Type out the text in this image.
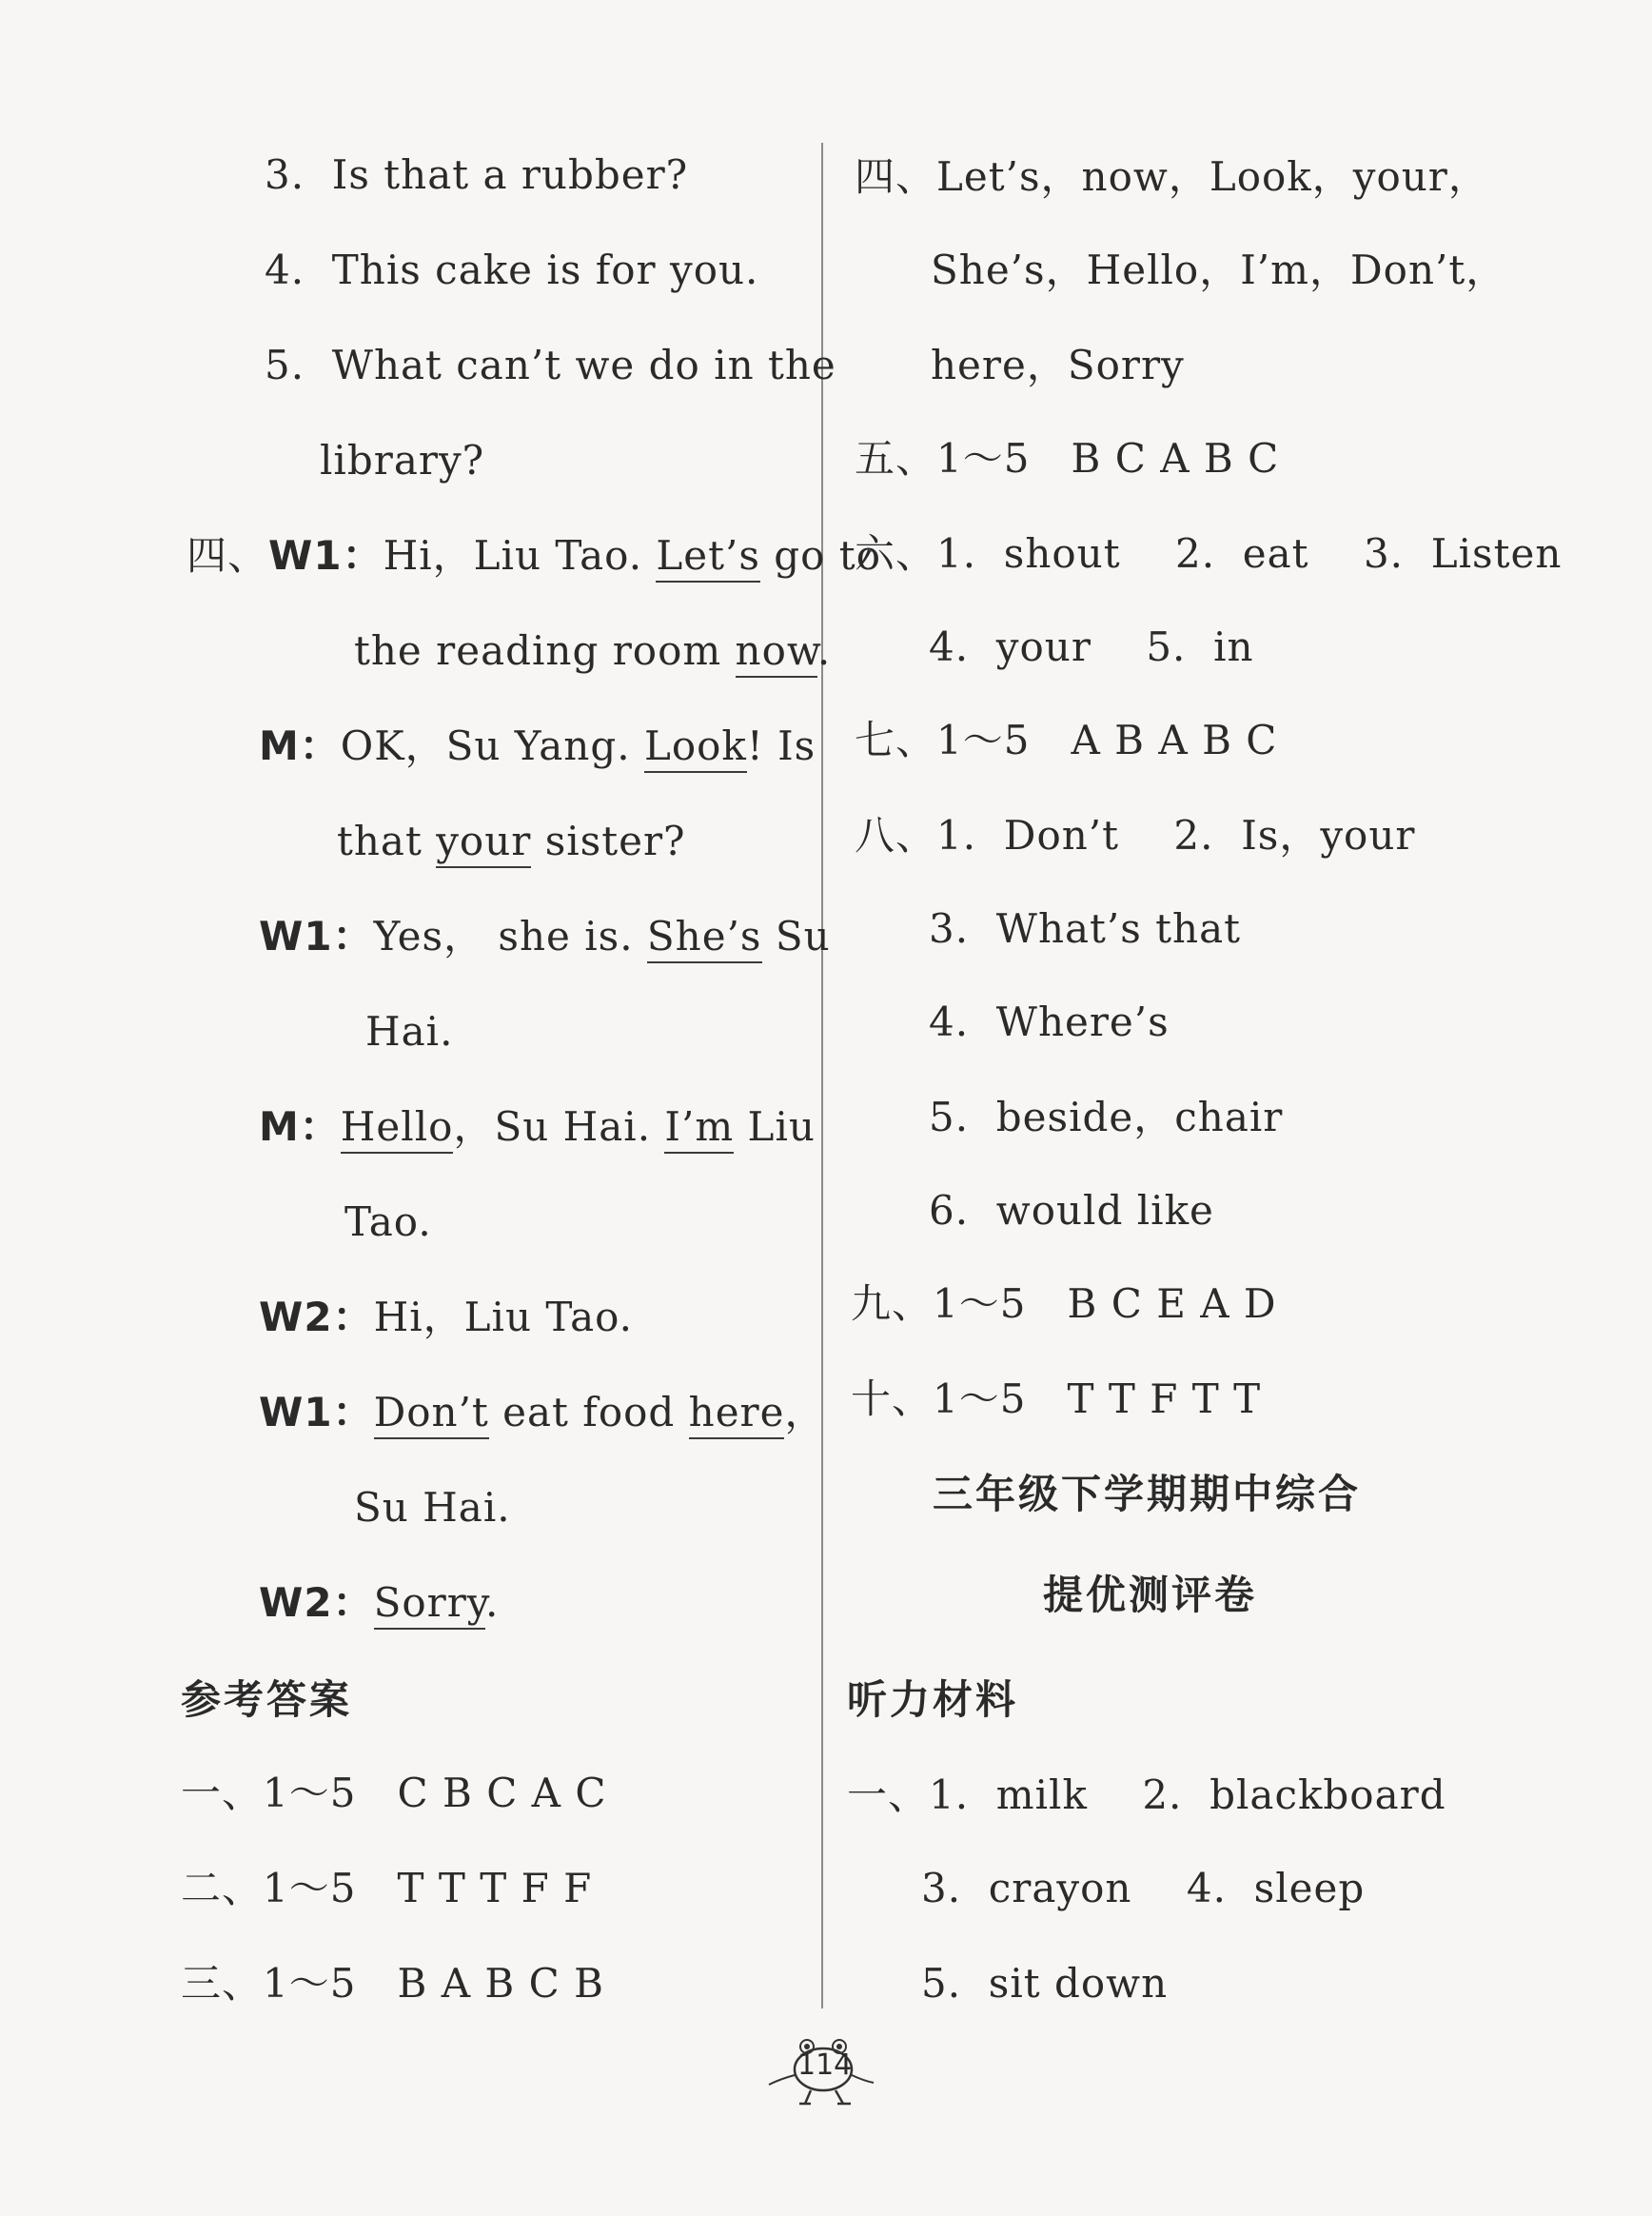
3.  Is that a rubber?
4.  This cake is for you.
5.  What can’t we do in the
library?
四、W1：Hi，Liu Tao. Let’s go to
the reading room now.
M：OK，Su Yang. Look! Is
that your sister?
W1：Yes， she is. She’s Su
Hai.
M：Hello，Su Hai. I’m Liu
Tao.
W2：Hi，Liu Tao.
W1：Don’t eat food here，
Su Hai.
W2：Sorry.
参考答案
一、1～5   C B C A C
二、1～5   T T T F F
三、1～5   B A B C B
四、Let’s，now，Look，your，
She’s，Hello，I’m，Don’t，
here，Sorry
五、1～5   B C A B C
六、1.  shout    2.  eat    3.  Listen
4.  your    5.  in
七、1～5   A B A B C
八、1.  Don’t    2.  Is，your
3.  What’s that
4.  Where’s
5.  beside，chair
6.  would like
九、1～5   B C E A D
十、1～5   T T F T T
三年级下学期期中综合
提优测评卷
听力材料
一、1.  milk    2.  blackboard
3.  crayon    4.  sleep
5.  sit down
114
